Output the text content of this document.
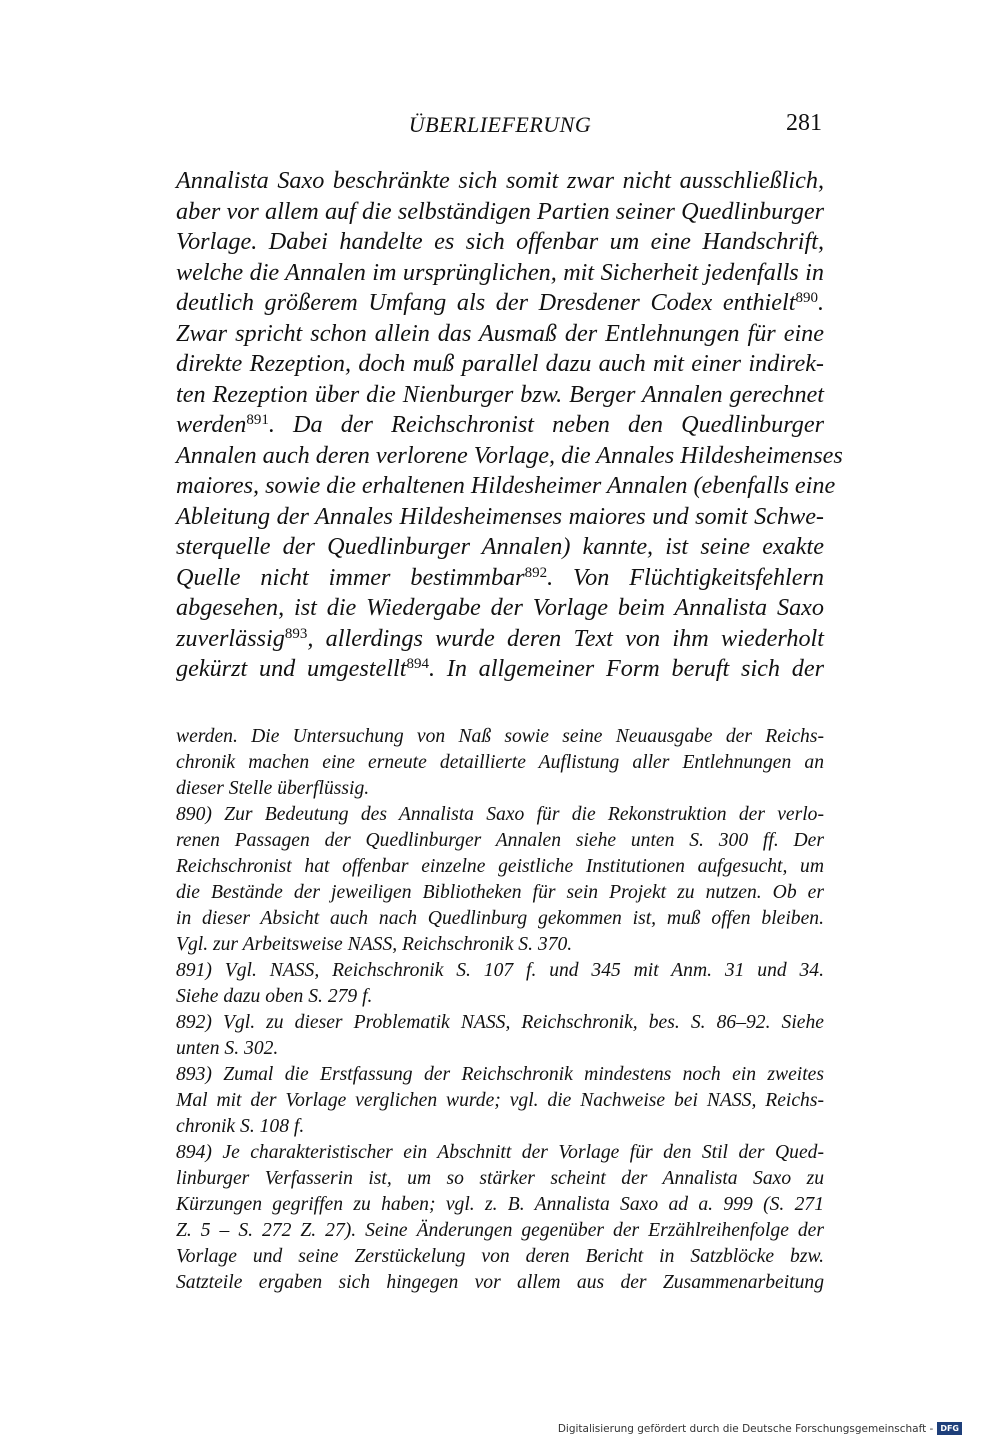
ÜBERLIEFERUNG	281
Annalista Saxo beschränkte sich somit zwar nicht ausschließlich,
aber vor allem auf die selbständigen Partien seiner Quedlinburger
Vorlage. Dabei handelte es sich offenbar um eine Handschrift,
welche die Annalen im ursprünglichen, mit Sicherheit jedenfalls in
deutlich größerem Umfang als der Dresdener Codex enthielt$^{890}$.
Zwar spricht schon allein das Ausmaß der Entlehnungen für eine
direkte Rezeption, doch muß parallel dazu auch mit einer indirek-
ten Rezeption über die Nienburger bzw. Berger Annalen gerechnet
werden$^{891}$. Da der Reichschronist neben den Quedlinburger
Annalen auch deren verlorene Vorlage, die Annales Hildesheimenses
maiores, sowie die erhaltenen Hildesheimer Annalen (ebenfalls eine
Ableitung der Annales Hildesheimenses maiores und somit Schwe-
sterquelle der Quedlinburger Annalen) kannte, ist seine exakte
Quelle nicht immer bestimmbar$^{892}$. Von Flüchtigkeitsfehlern
abgesehen, ist die Wiedergabe der Vorlage beim Annalista Saxo
zuverlässig$^{893}$, allerdings wurde deren Text von ihm wiederholt
gekürzt und umgestellt$^{894}$. In allgemeiner Form beruft sich der
werden. Die Untersuchung von Naß sowie seine Neuausgabe der Reichs-
chronik machen eine erneute detaillierte Auflistung aller Entlehnungen an
dieser Stelle überflüssig.
890) Zur Bedeutung des Annalista Saxo für die Rekonstruktion der verlo-
renen Passagen der Quedlinburger Annalen siehe unten S. 300 ff. Der
Reichschronist hat offenbar einzelne geistliche Institutionen aufgesucht, um
die Bestände der jeweiligen Bibliotheken für sein Projekt zu nutzen. Ob er
in dieser Absicht auch nach Quedlinburg gekommen ist, muß offen bleiben.
Vgl. zur Arbeitsweise NASS, Reichschronik S. 370.
891) Vgl. NASS, Reichschronik S. 107 f. und 345 mit Anm. 31 und 34.
Siehe dazu oben S. 279 f.
892) Vgl. zu dieser Problematik NASS, Reichschronik, bes. S. 86–92. Siehe
unten S. 302.
893) Zumal die Erstfassung der Reichschronik mindestens noch ein zweites
Mal mit der Vorlage verglichen wurde; vgl. die Nachweise bei NASS, Reichs-
chronik S. 108 f.
894) Je charakteristischer ein Abschnitt der Vorlage für den Stil der Qued-
linburger Verfasserin ist, um so stärker scheint der Annalista Saxo zu
Kürzungen gegriffen zu haben; vgl. z. B. Annalista Saxo ad a. 999 (S. 271
Z. 5 – S. 272 Z. 27). Seine Änderungen gegenüber der Erzählreihenfolge der
Vorlage und seine Zerstückelung von deren Bericht in Satzblöcke bzw.
Satzteile ergaben sich hingegen vor allem aus der Zusammenarbeitung
Digitalisierung gefördert durch die Deutsche Forschungsgemeinschaft - DFG
